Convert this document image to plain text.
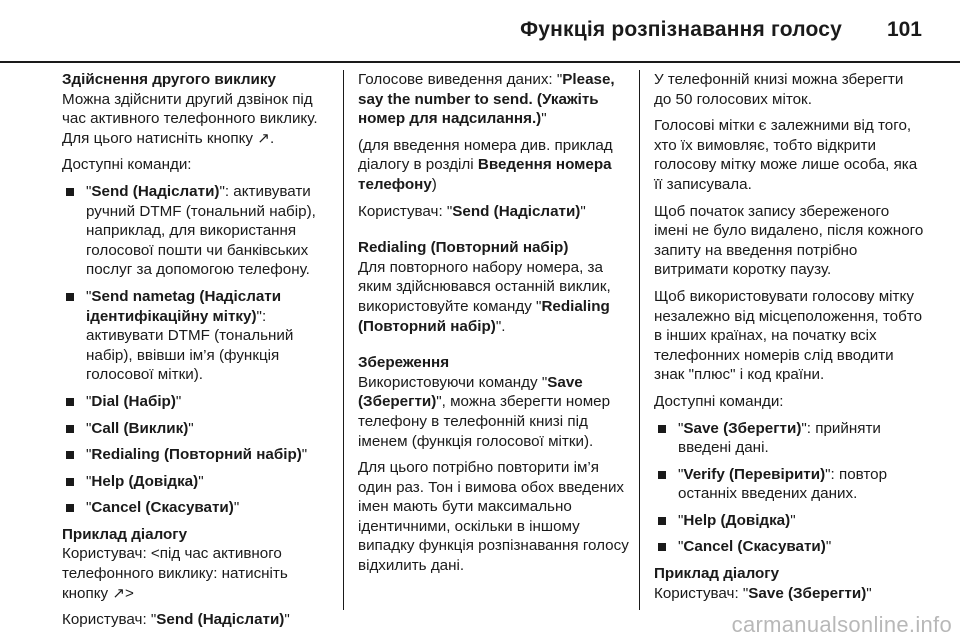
Функція розпізнавання голосу 101

Здійснення другого виклику

Можна здійснити другий дзвінок під час активного телефонного виклику. Для цього натисніть кнопку ↗.

Доступні команди:

"Send (Надіслати)": активувати ручний DTMF (тональний набір), наприклад, для використання голосової пошти чи банківських послуг за допомогою телефону.
"Send nametag (Надіслати ідентифікаційну мітку)": активувати DTMF (тональний набір), ввівши ім’я (функція голосової мітки).
"Dial (Набір)"
"Call (Виклик)"
"Redialing (Повторний набір)"
"Help (Довідка)"
"Cancel (Скасувати)"

Приклад діалогу

Користувач: <під час активного телефонного виклику: натисніть кнопку ↗>

Користувач: "Send (Надіслати)"

Голосове виведення даних: "Please, say the number to send. (Укажіть номер для надсилання.)"

(для введення номера див. приклад діалогу в розділі Введення номера телефону)

Користувач: "Send (Надіслати)"

Redialing (Повторний набір)

Для повторного набору номера, за яким здійснювався останній виклик, використовуйте команду "Redialing (Повторний набір)".

Збереження

Використовуючи команду "Save (Зберегти)", можна зберегти номер телефону в телефонній книзі під іменем (функція голосової мітки).

Для цього потрібно повторити ім’я один раз. Тон і вимова обох введених імен мають бути максимально ідентичними, оскільки в іншому випадку функція розпізнавання голосу відхилить дані.

У телефонній книзі можна зберегти до 50 голосових міток.

Голосові мітки є залежними від того, хто їх вимовляє, тобто відкрити голосову мітку може лише особа, яка її записувала.

Щоб початок запису збереженого імені не було видалено, після кожного запиту на введення потрібно витримати коротку паузу.

Щоб використовувати голосову мітку незалежно від місцеположення, тобто в інших країнах, на початку всіх телефонних номерів слід вводити знак "плюс" і код країни.

Доступні команди:

"Save (Зберегти)": прийняти введені дані.
"Verify (Перевірити)": повтор останніх введених даних.
"Help (Довідка)"
"Cancel (Скасувати)"

Приклад діалогу

Користувач: "Save (Зберегти)"

carmanualsonline.info
